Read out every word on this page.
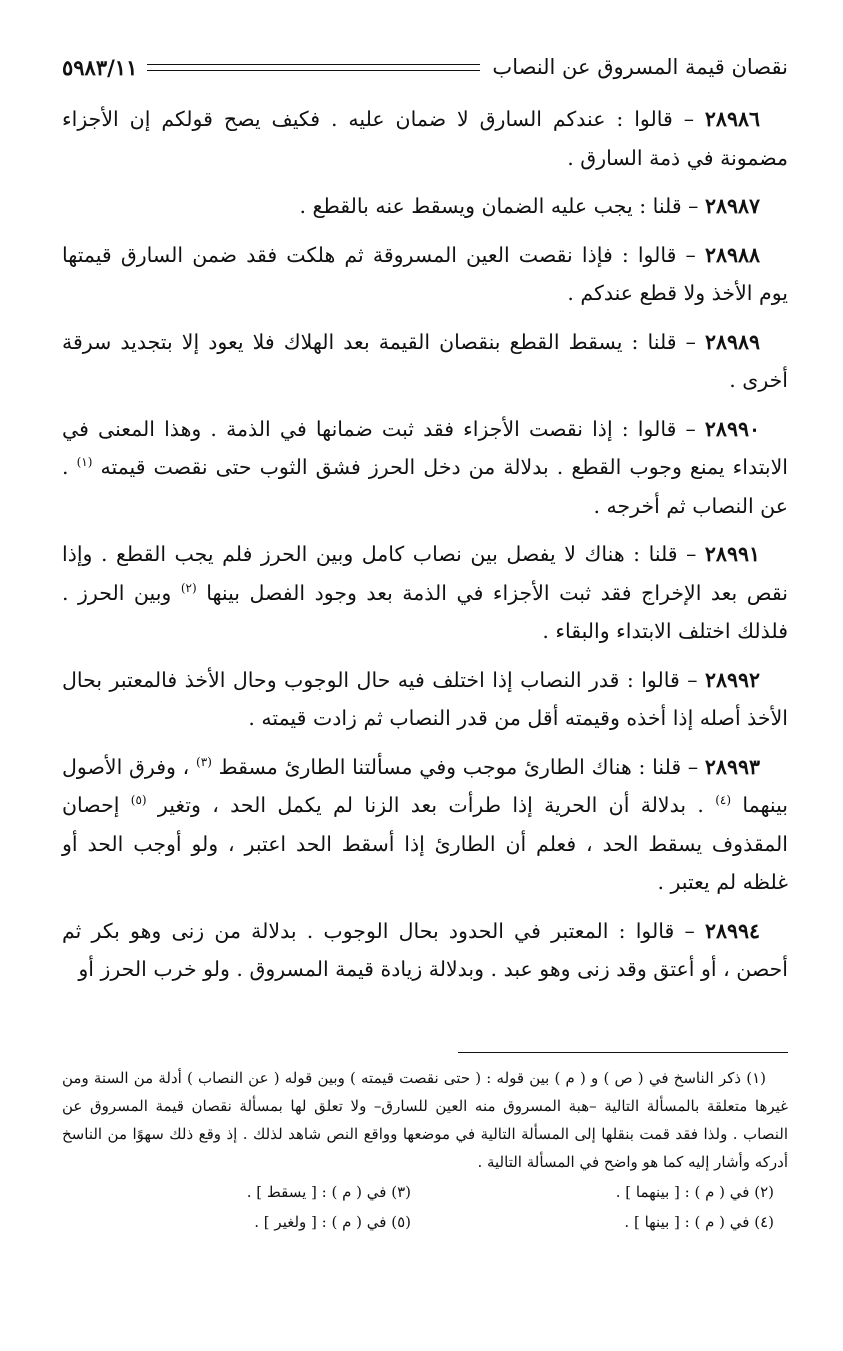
نقصان قيمة المسروق عن النصاب
٥٩٨٣/١١

٢٨٩٨٦ – قالوا : عندكم السارق لا ضمان عليه . فكيف يصح قولكم إن الأجزاء مضمونة في ذمة السارق .

٢٨٩٨٧ – قلنا : يجب عليه الضمان ويسقط عنه بالقطع .

٢٨٩٨٨ – قالوا : فإذا نقصت العين المسروقة ثم هلكت فقد ضمن السارق قيمتها يوم الأخذ ولا قطع عندكم .

٢٨٩٨٩ – قلنا : يسقط القطع بنقصان القيمة بعد الهلاك فلا يعود إلا بتجديد سرقة أخرى .

٢٨٩٩٠ – قالوا : إذا نقصت الأجزاء فقد ثبت ضمانها في الذمة . وهذا المعنى في الابتداء يمنع وجوب القطع . بدلالة من دخل الحرز فشق الثوب حتى نقصت قيمته $^{(١)}$ . عن النصاب ثم أخرجه .

٢٨٩٩١ – قلنا : هناك لا يفصل بين نصاب كامل وبين الحرز فلم يجب القطع . وإذا نقص بعد الإخراج فقد ثبت الأجزاء في الذمة بعد وجود الفصل بينها $^{(٢)}$ وبين الحرز . فلذلك اختلف الابتداء والبقاء .

٢٨٩٩٢ – قالوا : قدر النصاب إذا اختلف فيه حال الوجوب وحال الأخذ فالمعتبر بحال الأخذ أصله إذا أخذه وقيمته أقل من قدر النصاب ثم زادت قيمته .

٢٨٩٩٣ – قلنا : هناك الطارئ موجب وفي مسألتنا الطارئ مسقط $^{(٣)}$ ، وفرق الأصول بينهما $^{(٤)}$ . بدلالة أن الحرية إذا طرأت بعد الزنا لم يكمل الحد ، وتغير $^{(٥)}$ إحصان المقذوف يسقط الحد ، فعلم أن الطارئ إذا أسقط الحد اعتبر ، ولو أوجب الحد أو غلظه لم يعتبر .

٢٨٩٩٤ – قالوا : المعتبر في الحدود بحال الوجوب . بدلالة من زنى وهو بكر ثم أحصن ، أو أعتق وقد زنى وهو عبد . وبدلالة زيادة قيمة المسروق . ولو خرب الحرز أو

(١) ذكر الناسخ في ( ص ) و ( م ) بين قوله : ( حتى نقصت قيمته ) وبين قوله ( عن النصاب ) أدلة من السنة ومن غيرها متعلقة بالمسألة التالية –هبة المسروق منه العين للسارق– ولا تعلق لها بمسألة نقصان قيمة المسروق عن النصاب . ولذا فقد قمت بنقلها إلى المسألة التالية في موضعها وواقع النص شاهد لذلك . إذ وقع ذلك سهوًا من الناسخ أدركه وأشار إليه كما هو واضح في المسألة التالية .

(٢) في ( م ) : [ بينهما ] .
(٣) في ( م ) : [ يسقط ] .
(٤) في ( م ) : [ بينها ] .
(٥) في ( م ) : [ ولغير ] .
